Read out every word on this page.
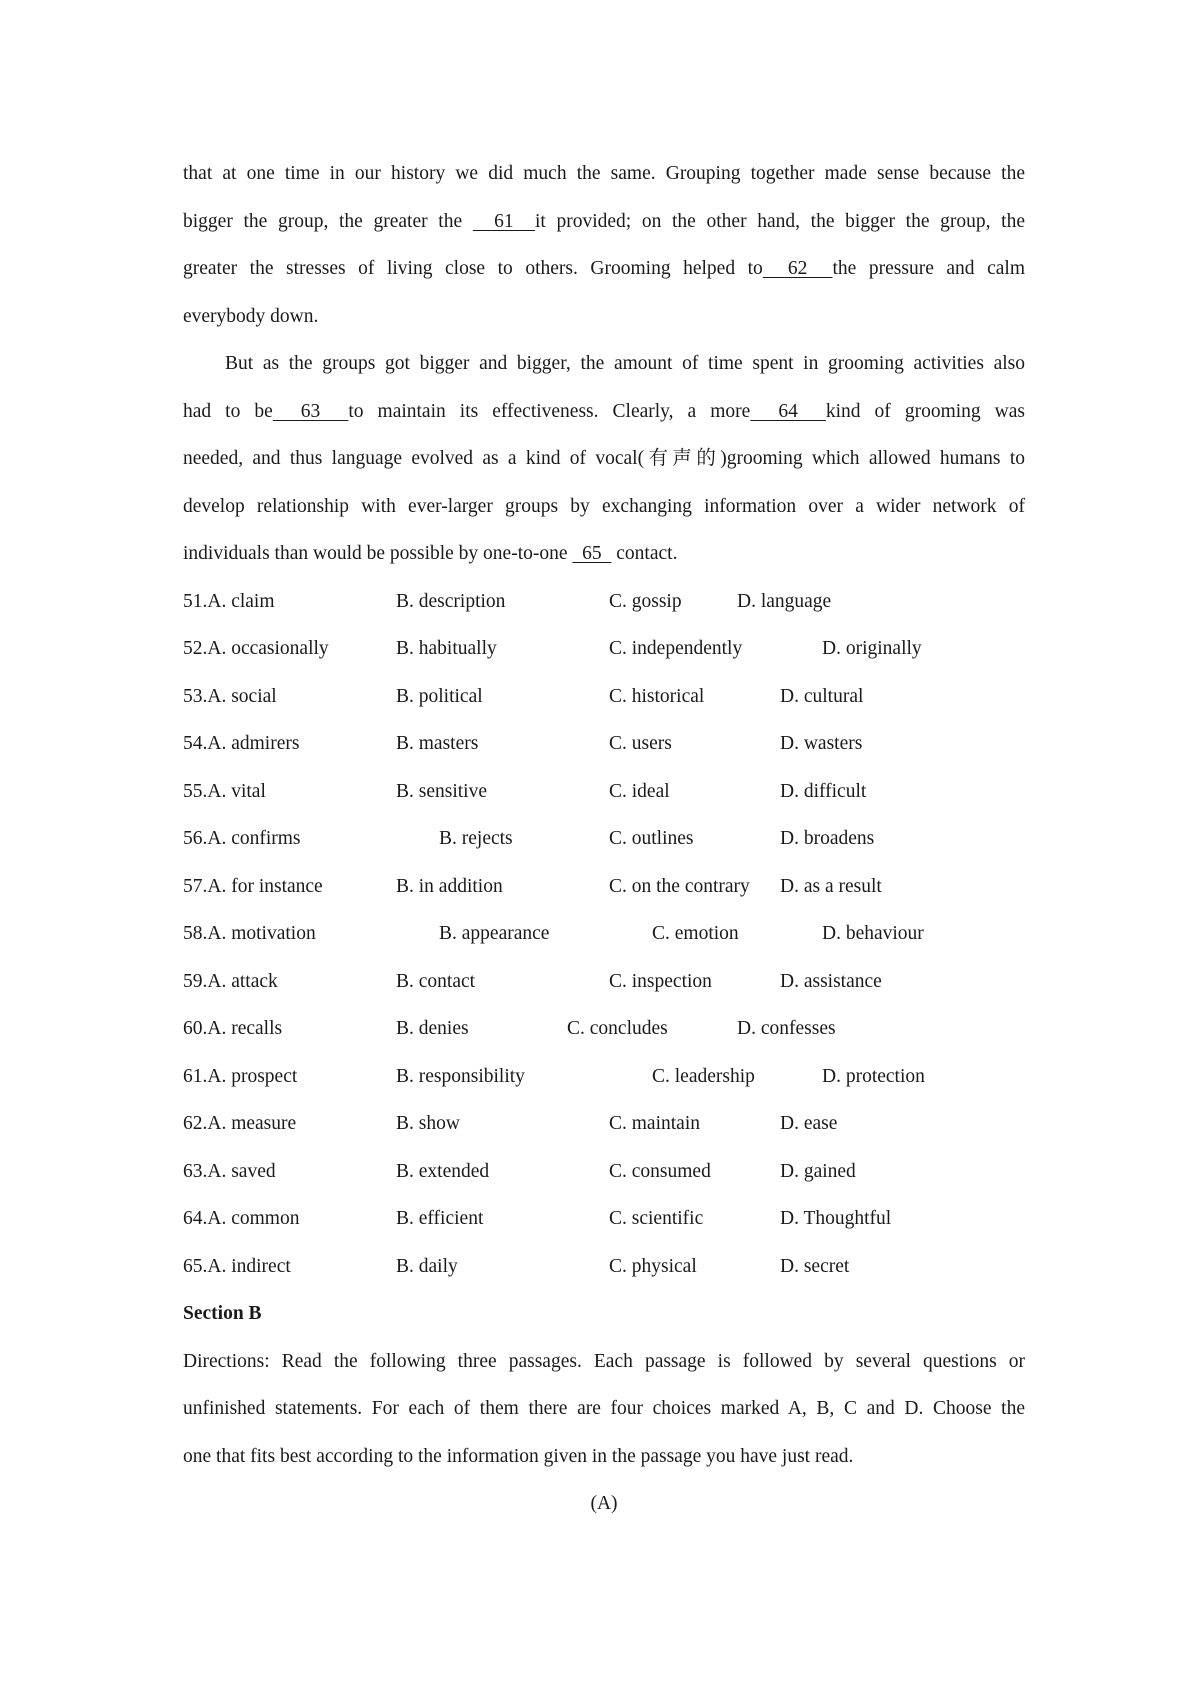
that at one time in our history we did much the same. Grouping together made sense because the
bigger the group, the greater the   61  it provided; on the other hand, the bigger the group, the
greater the stresses of living close to others. Grooming helped to  62  the pressure and calm
everybody down.
But as the groups got bigger and bigger, the amount of time spent in grooming activities also
had to be  63  to maintain its effectiveness. Clearly, a more  64  kind of grooming was
needed, and thus language evolved as a kind of vocal(有声的)grooming which allowed humans to
develop relationship with ever-larger groups by exchanging information over a wider network of
individuals than would be possible by one-to-one   65   contact.
51.A. claim	B. description	C. gossip	D. language
52.A. occasionally	B. habitually	C. independently	D. originally
53.A. social	B. political	C. historical	D. cultural
54.A. admirers	B. masters	C. users	D. wasters
55.A. vital	B. sensitive	C. ideal	D. difficult
56.A. confirms	B. rejects	C. outlines	D. broadens
57.A. for instance	B. in addition	C. on the contrary D. as a result
58.A. motivation	B. appearance	C. emotion	D. behaviour
59.A. attack	B. contact	C. inspection	D. assistance
60.A. recalls	B. denies	C. concludes	D. confesses
61.A. prospect	B. responsibility	C. leadership	D. protection
62.A. measure	B. show	C. maintain	D. ease
63.A. saved	B. extended	C. consumed	D. gained
64.A. common	B. efficient	C. scientific	D. Thoughtful
65.A. indirect	B. daily	C. physical	D. secret
Section B
Directions: Read the following three passages. Each passage is followed by several questions or
unfinished statements. For each of them there are four choices marked A, B, C and D. Choose the
one that fits best according to the information given in the passage you have just read.
(A)
